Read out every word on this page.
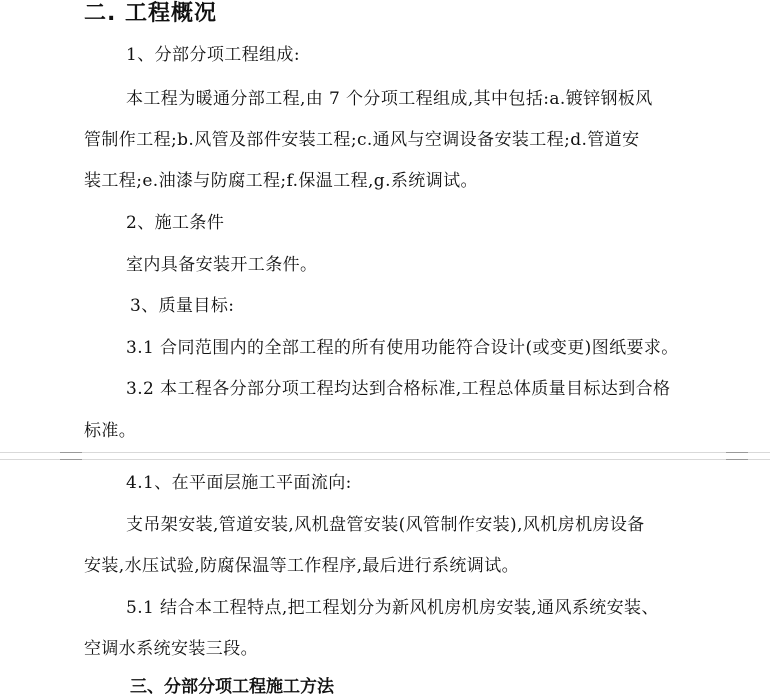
二. 工程概况
1、分部分项工程组成:
本工程为暖通分部工程,由 7 个分项工程组成,其中包括:a.镀锌钢板风
管制作工程;b.风管及部件安装工程;c.通风与空调设备安装工程;d.管道安
装工程;e.油漆与防腐工程;f.保温工程,g.系统调试。
2、施工条件
室内具备安装开工条件。
3、质量目标:
3.1 合同范围内的全部工程的所有使用功能符合设计(或变更)图纸要求。
3.2 本工程各分部分项工程均达到合格标准,工程总体质量目标达到合格
标准。
4.1、在平面层施工平面流向:
支吊架安装,管道安装,风机盘管安装(风管制作安装),风机房机房设备
安装,水压试验,防腐保温等工作程序,最后进行系统调试。
5.1 结合本工程特点,把工程划分为新风机房机房安装,通风系统安装、
空调水系统安装三段。
三、分部分项工程施工方法
